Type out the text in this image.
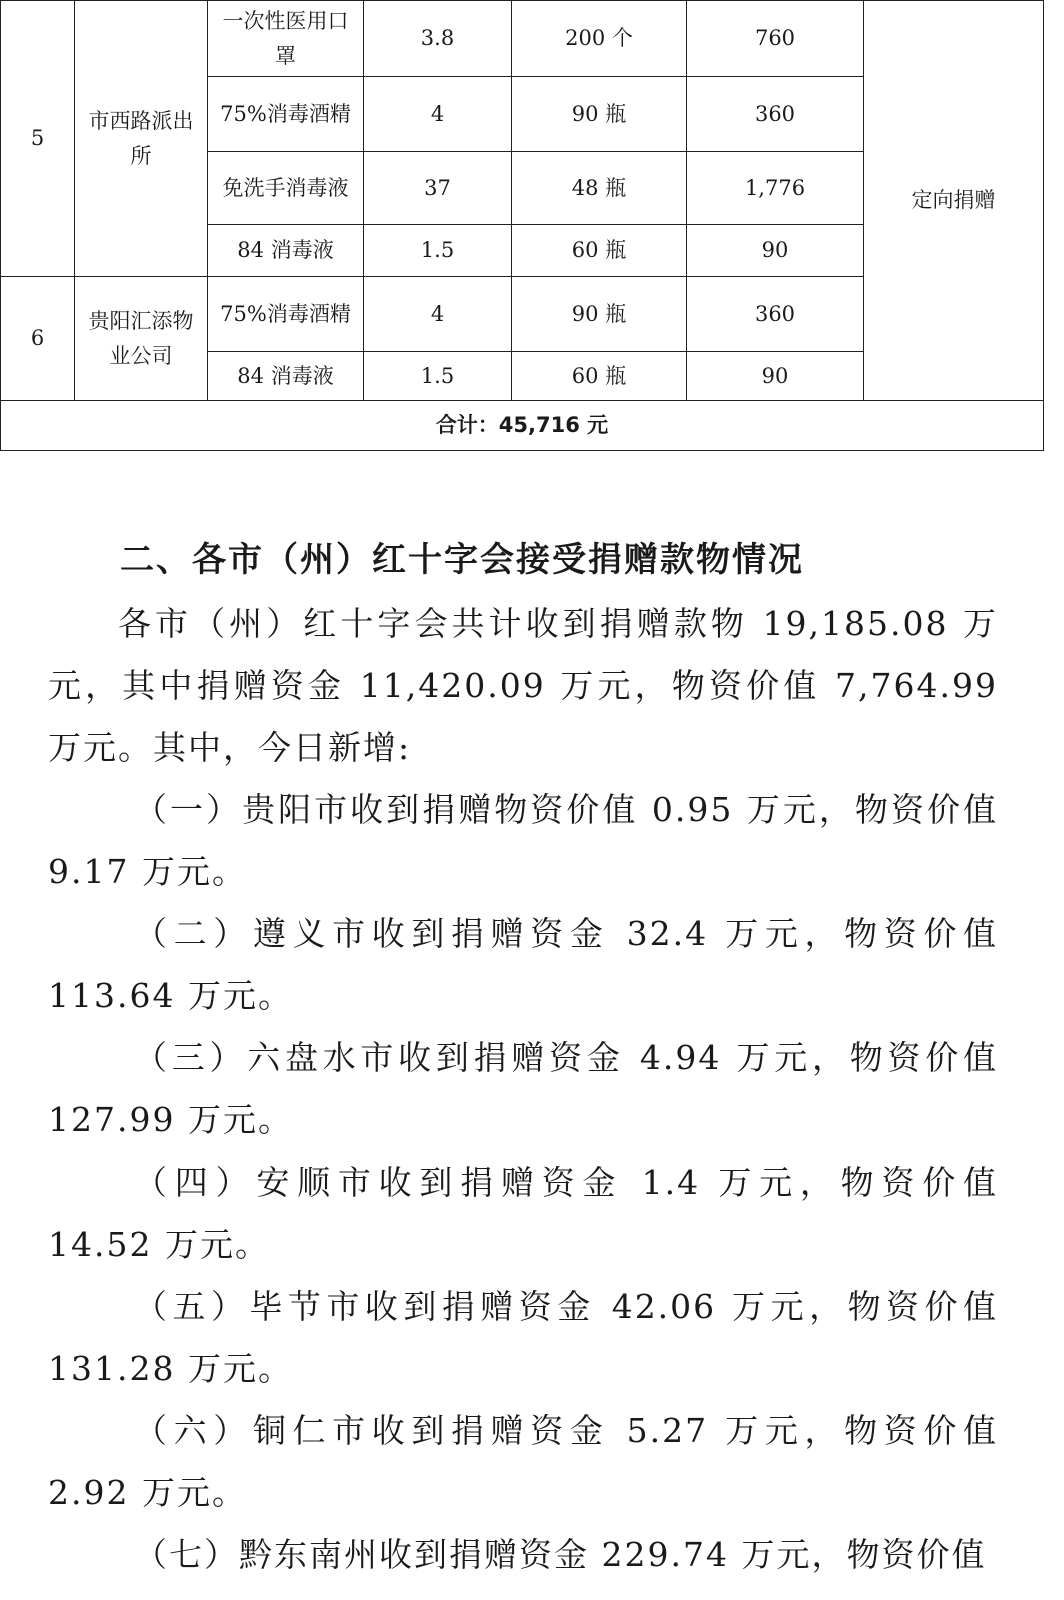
5	市西路派出所	一次性医用口罩	3.8	200 个	760	定向捐赠
		75%消毒酒精	4	90 瓶	360	
		免洗手消毒液	37	48 瓶	1,776	
		84 消毒液	1.5	60 瓶	90	
6	贵阳汇添物业公司	75%消毒酒精	4	90 瓶	360	
		84 消毒液	1.5	60 瓶	90	
合计：45,716 元						
二、各市（州）红十字会接受捐赠款物情况

各市（州）红十字会共计收到捐赠款物 19,185.08 万元，其中捐赠资金 11,420.09 万元，物资价值 7,764.99 万元。其中，今日新增:

（一）贵阳市收到捐赠物资价值 0.95 万元，物资价值 9.17 万元。

（二）遵义市收到捐赠资金 32.4 万元，物资价值 113.64 万元。

（三）六盘水市收到捐赠资金 4.94 万元，物资价值 127.99 万元。

（四）安顺市收到捐赠资金 1.4 万元，物资价值 14.52 万元。

（五）毕节市收到捐赠资金 42.06 万元，物资价值 131.28 万元。

（六）铜仁市收到捐赠资金 5.27 万元，物资价值 2.92 万元。

（七）黔东南州收到捐赠资金 229.74 万元，物资价值
